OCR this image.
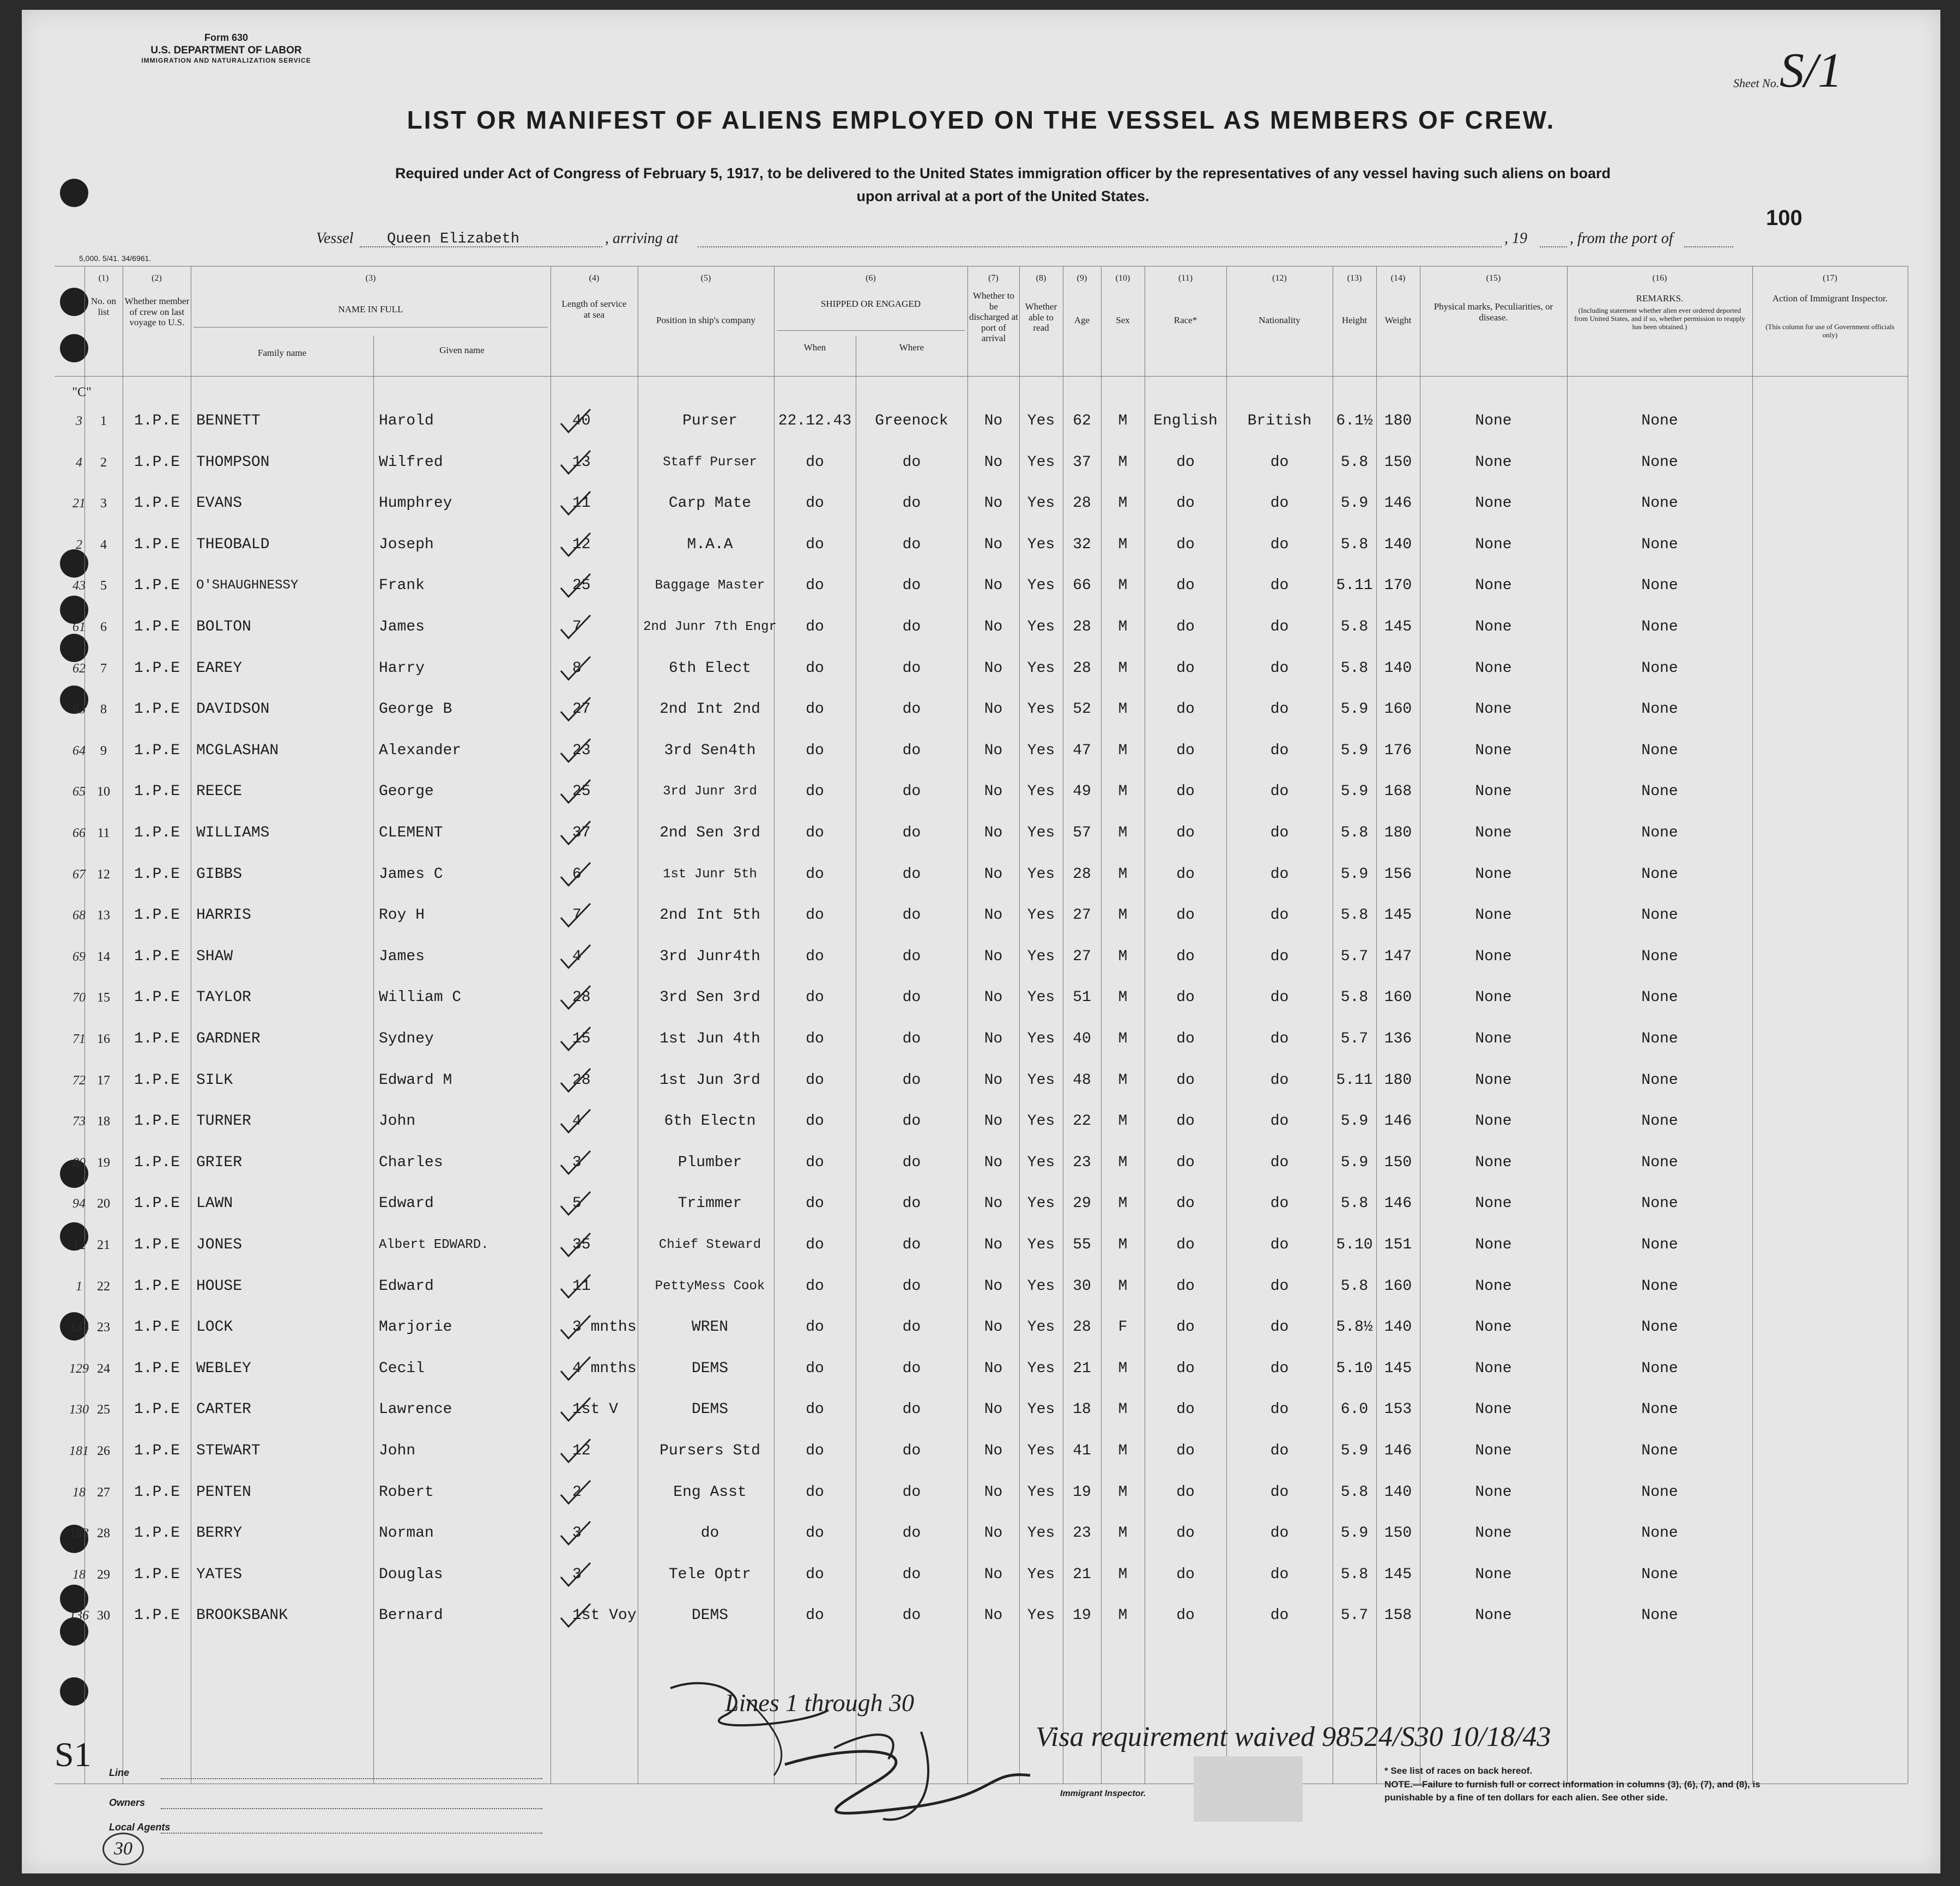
Form 630
U.S. DEPARTMENT OF LABOR
IMMIGRATION AND NATURALIZATION SERVICE
Sheet No. S/1
LIST OR MANIFEST OF ALIENS EMPLOYED ON THE VESSEL AS MEMBERS OF CREW.
Required under Act of Congress of February 5, 1917, to be delivered to the United States immigration officer by the representatives of any vessel having such aliens on board
upon arrival at a port of the United States.
100
Vessel Queen Elizabeth	, arriving at	, 19	, from the port of
5,000. 5/41. 34/6961.
(1)	(2)	(3)	(4)	(5)	(6)	(7)	(8)	(9)	(10)	(11)	(12)	(13)	(14)	(15)	(16)	(17)
No. on list
Whether member of crew on last voyage to U.S.
NAME IN FULL
Family name	Given name
Length of service at sea
Position in ship's company
SHIPPED OR ENGAGED
When	Where
Whether to be discharged at port of arrival
Whether able to read
Age	Sex	Race*	Nationality	Height	Weight
Physical marks, Peculiarities, or disease.
REMARKS.
(Including statement whether alien ever ordered deported from United States, and if so, whether permission to reapply has been obtained.)
Action of Immigrant Inspector.
(This column for use of Government officials only)
"C"
3	1	1.P.E	BENNETT	Harold	40	Purser	22.12.43	Greenock	No	Yes	62	M	English	British	6.1½ 180	None	None
4	2	1.P.E	THOMPSON	Wilfred	13	Staff Purser	do	do	No	Yes	37	M	do	do	5.8	150	None	None
21	3	1.P.E	EVANS	Humphrey	11	Carp Mate	do	do	No	Yes	28	M	do	do	5.9	146	None	None
2	4	1.P.E	THEOBALD	Joseph	12	M.A.A	do	do	No	Yes	32	M	do	do	5.8	140	None	None
43	5	1.P.E	O'SHAUGHNESSY	Frank	25	Baggage Master	do	do	No	Yes	66	M	do	do	5.11 170	None	None
61	6	1.P.E	BOLTON	James	7	2nd Junr 7th Engr	do	do	No	Yes	28	M	do	do	5.8	145	None	None
62	7	1.P.E	EAREY	Harry	8	6th Elect	do	do	No	Yes	28	M	do	do	5.8	140	None	None
63	8	1.P.E	DAVIDSON	George B	27	2nd Int 2nd	do	do	No	Yes	52	M	do	do	5.9	160	None	None
64	9	1.P.E	MCGLASHAN	Alexander	23	3rd Sen4th	do	do	No	Yes	47	M	do	do	5.9	176	None	None
65 10	1.P.E	REECE	George	25	3rd Junr 3rd	do	do	No	Yes	49	M	do	do	5.9	168	None	None
66 11	1.P.E	WILLIAMS	CLEMENT	37	2nd Sen 3rd	do	do	No	Yes	57	M	do	do	5.8	180	None	None
67 12	1.P.E	GIBBS	James C	6	1st Junr 5th	do	do	No	Yes	28	M	do	do	5.9	156	None	None
68 13	1.P.E	HARRIS	Roy H	7	2nd Int 5th	do	do	No	Yes	27	M	do	do	5.8	145	None	None
69 14	1.P.E	SHAW	James	4	3rd Junr4th	do	do	No	Yes	27	M	do	do	5.7	147	None	None
70 15	1.P.E	TAYLOR	William C	28	3rd Sen 3rd	do	do	No	Yes	51	M	do	do	5.8	160	None	None
71 16	1.P.E	GARDNER	Sydney	15	1st Jun 4th	do	do	No	Yes	40	M	do	do	5.7	136	None	None
72 17	1.P.E	SILK	Edward M	28	1st Jun 3rd	do	do	No	Yes	48	M	do	do	5.11 180	None	None
73 18	1.P.E	TURNER	John	4	6th Electn	do	do	No	Yes	22	M	do	do	5.9	146	None	None
80 19	1.P.E	GRIER	Charles	3	Plumber	do	do	No	Yes	23	M	do	do	5.9	150	None	None
94 20	1.P.E	LAWN	Edward	5	Trimmer	do	do	No	Yes	29	M	do	do	5.8	146	None	None
12 21	1.P.E	JONES	Albert EDWARD.	35	Chief Steward	do	do	No	Yes	55	M	do	do	5.10 151	None	None
1	22	1.P.E	HOUSE	Edward	11	PettyMess Cook	do	do	No	Yes	30	M	do	do	5.8	160	None	None
134 23	1.P.E	LOCK	Marjorie	3 mnths	WREN	do	do	No	Yes	28	F	do	do	5.8½ 140	None	None
129 24	1.P.E	WEBLEY	Cecil	4 mnths	DEMS	do	do	No	Yes	21	M	do	do	5.10 145	None	None
130 25	1.P.E	CARTER	Lawrence	1st V	DEMS	do	do	No	Yes	18	M	do	do	6.0	153	None	None
181 26	1.P.E	STEWART	John	12	Pursers Std	do	do	No	Yes	41	M	do	do	5.9	146	None	None
18 27	1.P.E	PENTEN	Robert	2	Eng Asst	do	do	No	Yes	19	M	do	do	5.8	140	None	None
183 28	1.P.E	BERRY	Norman	3	do	do	do	No	Yes	23	M	do	do	5.9	150	None	None
18 29	1.P.E	YATES	Douglas	3	Tele Optr	do	do	No	Yes	21	M	do	do	5.8	145	None	None
136 30	1.P.E	BROOKSBANK	Bernard	1st Voy	DEMS	do	do	No	Yes	19	M	do	do	5.7	158	None	None
Lines 1 through 30
Visa requirement waived 98524/S30 10/18/43
Immigrant Inspector.
S1 Line
Owners
Local Agents
30
* See list of races on back hereof.
NOTE.—Failure to furnish full or correct information in columns (3), (6), (7), and (8), is punishable by a fine of ten dollars for each alien. See other side.
